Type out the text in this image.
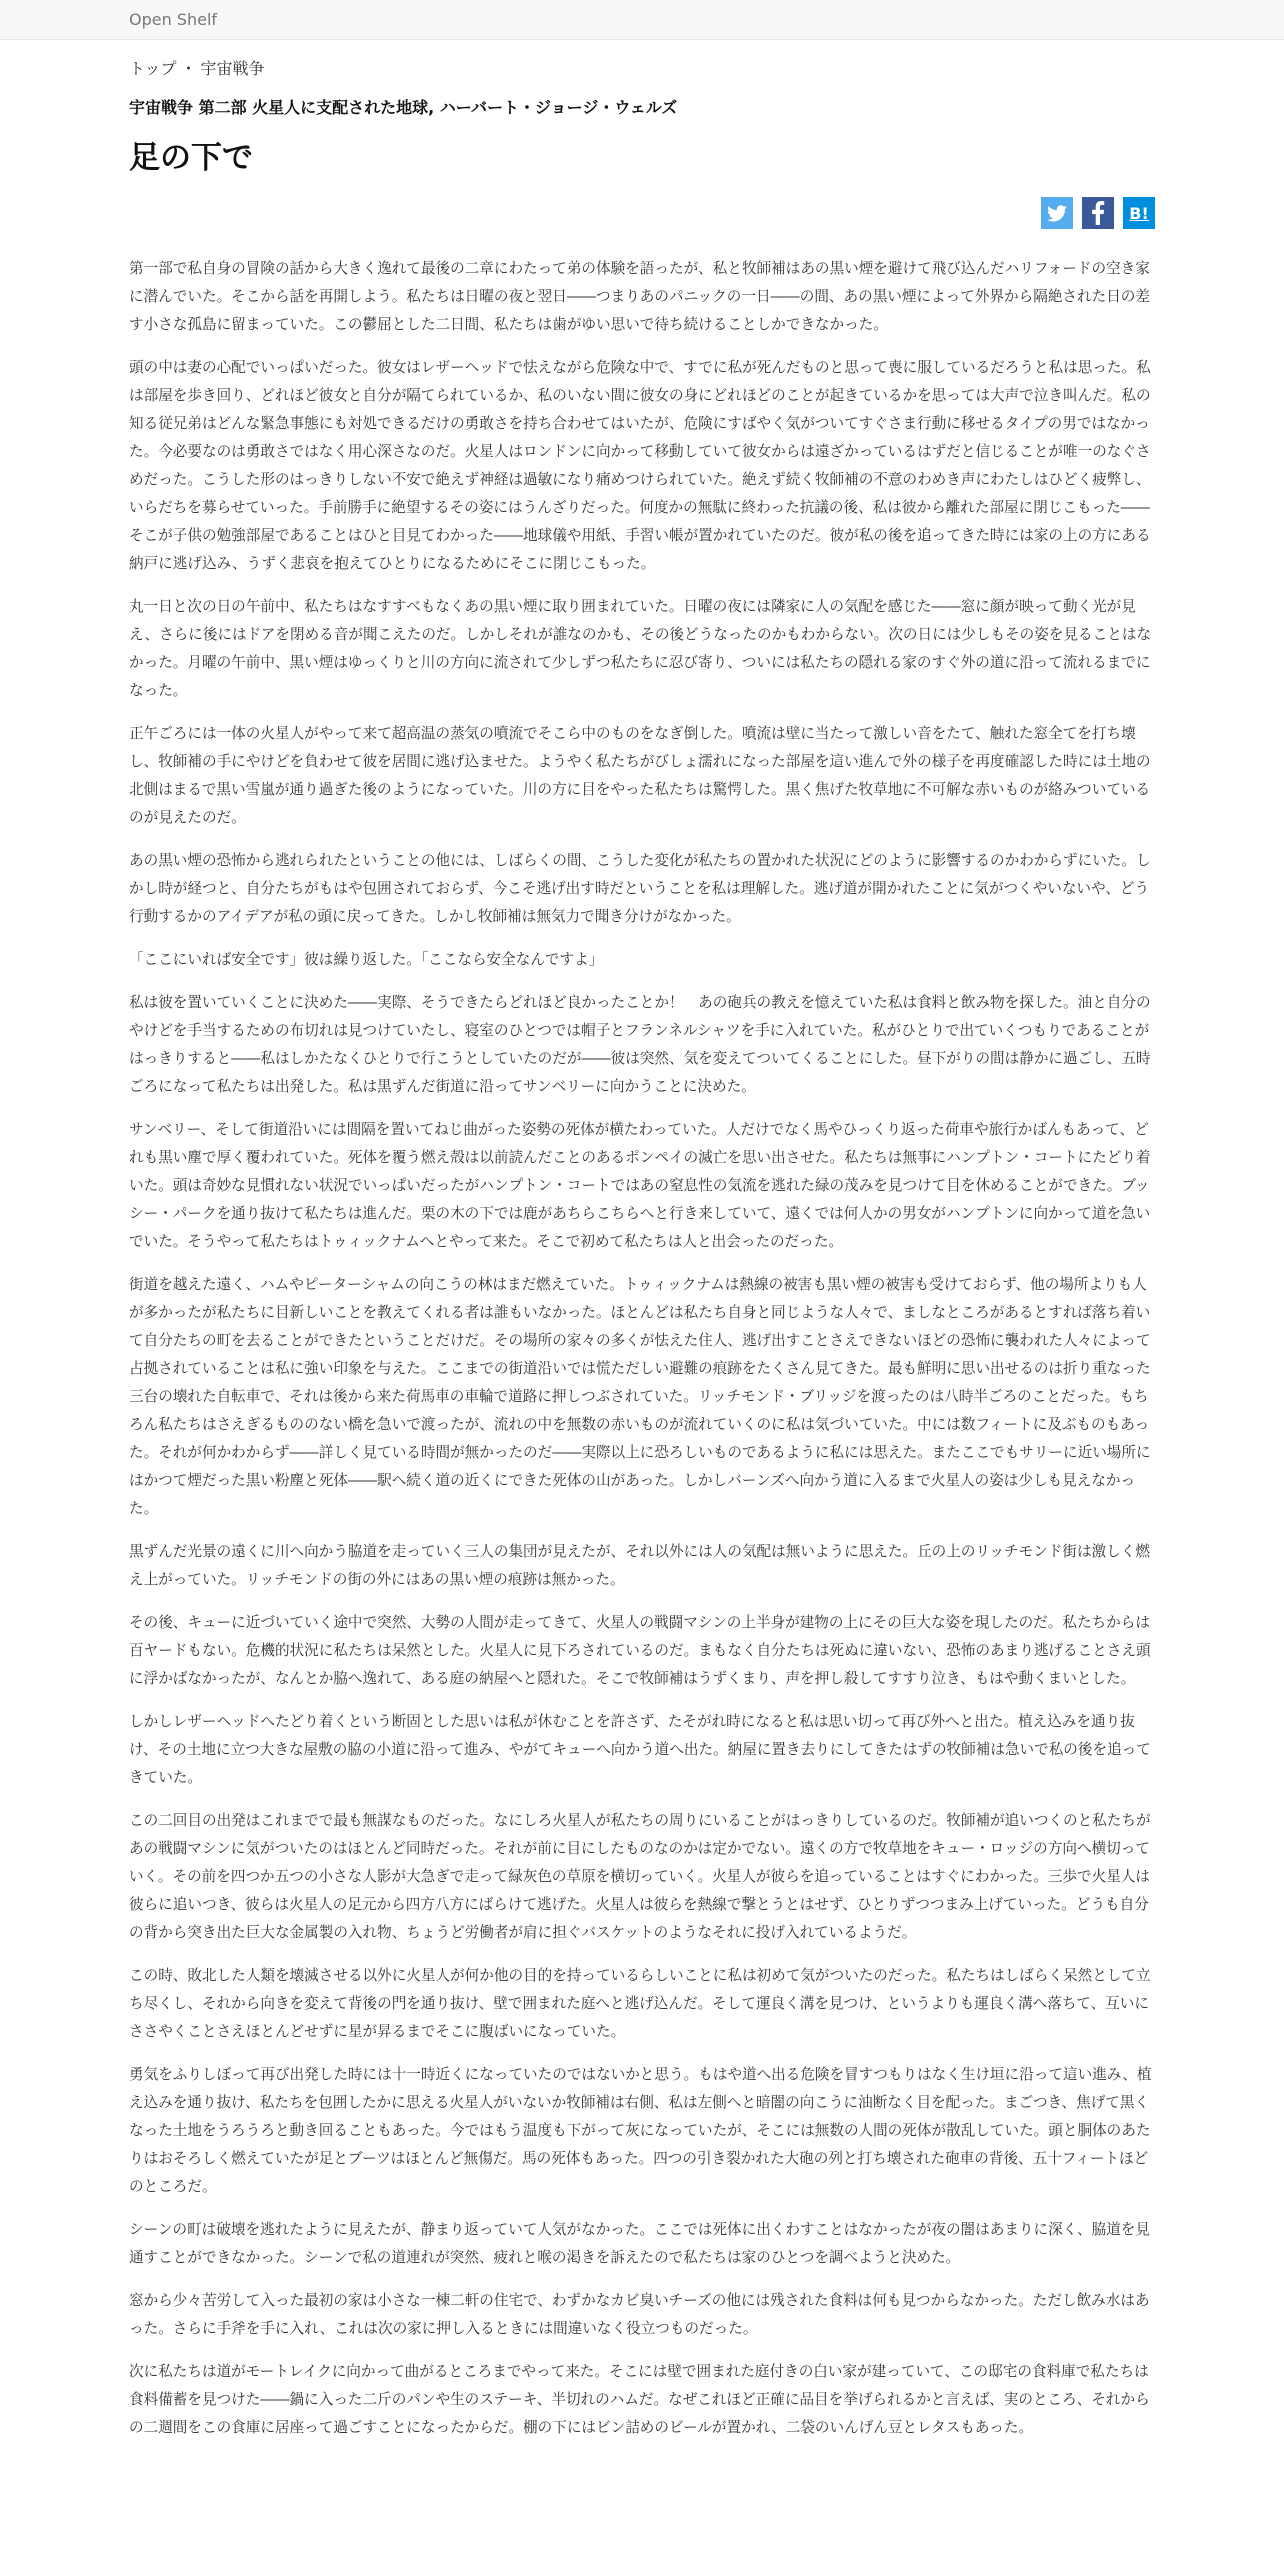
Open Shelf
トップ ・ 宇宙戦争
宇宙戦争 第二部 火星人に支配された地球, ハーバート・ジョージ・ウェルズ
足の下で
B!

第一部で私自身の冒険の話から大きく逸れて最後の二章にわたって弟の体験を語ったが、私と牧師補はあの黒い煙を避けて飛び込んだハリフォードの空き家に潜んでいた。そこから話を再開しよう。私たちは日曜の夜と翌日――つまりあのパニックの一日――の間、あの黒い煙によって外界から隔絶された日の差す小さな孤島に留まっていた。この鬱屈とした二日間、私たちは歯がゆい思いで待ち続けることしかできなかった。

頭の中は妻の心配でいっぱいだった。彼女はレザーヘッドで怯えながら危険な中で、すでに私が死んだものと思って喪に服しているだろうと私は思った。私は部屋を歩き回り、どれほど彼女と自分が隔てられているか、私のいない間に彼女の身にどれほどのことが起きているかを思っては大声で泣き叫んだ。私の知る従兄弟はどんな緊急事態にも対処できるだけの勇敢さを持ち合わせてはいたが、危険にすばやく気がついてすぐさま行動に移せるタイプの男ではなかった。今必要なのは勇敢さではなく用心深さなのだ。火星人はロンドンに向かって移動していて彼女からは遠ざかっているはずだと信じることが唯一のなぐさめだった。こうした形のはっきりしない不安で絶えず神経は過敏になり痛めつけられていた。絶えず続く牧師補の不意のわめき声にわたしはひどく疲弊し、いらだちを募らせていった。手前勝手に絶望するその姿にはうんざりだった。何度かの無駄に終わった抗議の後、私は彼から離れた部屋に閉じこもった――そこが子供の勉強部屋であることはひと目見てわかった――地球儀や用紙、手習い帳が置かれていたのだ。彼が私の後を追ってきた時には家の上の方にある納戸に逃げ込み、うずく悲哀を抱えてひとりになるためにそこに閉じこもった。

丸一日と次の日の午前中、私たちはなすすべもなくあの黒い煙に取り囲まれていた。日曜の夜には隣家に人の気配を感じた――窓に顔が映って動く光が見え、さらに後にはドアを閉める音が聞こえたのだ。しかしそれが誰なのかも、その後どうなったのかもわからない。次の日には少しもその姿を見ることはなかった。月曜の午前中、黒い煙はゆっくりと川の方向に流されて少しずつ私たちに忍び寄り、ついには私たちの隠れる家のすぐ外の道に沿って流れるまでになった。

正午ごろには一体の火星人がやって来て超高温の蒸気の噴流でそこら中のものをなぎ倒した。噴流は壁に当たって激しい音をたて、触れた窓全てを打ち壊し、牧師補の手にやけどを負わせて彼を居間に逃げ込ませた。ようやく私たちがびしょ濡れになった部屋を這い進んで外の様子を再度確認した時には土地の北側はまるで黒い雪嵐が通り過ぎた後のようになっていた。川の方に目をやった私たちは驚愕した。黒く焦げた牧草地に不可解な赤いものが絡みついているのが見えたのだ。

あの黒い煙の恐怖から逃れられたということの他には、しばらくの間、こうした変化が私たちの置かれた状況にどのように影響するのかわからずにいた。しかし時が経つと、自分たちがもはや包囲されておらず、今こそ逃げ出す時だということを私は理解した。逃げ道が開かれたことに気がつくやいないや、どう行動するかのアイデアが私の頭に戻ってきた。しかし牧師補は無気力で聞き分けがなかった。

「ここにいれば安全です」彼は繰り返した。「ここなら安全なんですよ」

私は彼を置いていくことに決めた――実際、そうできたらどれほど良かったことか！　あの砲兵の教えを憶えていた私は食料と飲み物を探した。油と自分のやけどを手当するための布切れは見つけていたし、寝室のひとつでは帽子とフランネルシャツを手に入れていた。私がひとりで出ていくつもりであることがはっきりすると――私はしかたなくひとりで行こうとしていたのだが――彼は突然、気を変えてついてくることにした。昼下がりの間は静かに過ごし、五時ごろになって私たちは出発した。私は黒ずんだ街道に沿ってサンベリーに向かうことに決めた。

サンベリー、そして街道沿いには間隔を置いてねじ曲がった姿勢の死体が横たわっていた。人だけでなく馬やひっくり返った荷車や旅行かばんもあって、どれも黒い塵で厚く覆われていた。死体を覆う燃え殻は以前読んだことのあるポンペイの滅亡を思い出させた。私たちは無事にハンプトン・コートにたどり着いた。頭は奇妙な見慣れない状況でいっぱいだったがハンプトン・コートではあの窒息性の気流を逃れた緑の茂みを見つけて目を休めることができた。ブッシー・パークを通り抜けて私たちは進んだ。栗の木の下では鹿があちらこちらへと行き来していて、遠くでは何人かの男女がハンプトンに向かって道を急いでいた。そうやって私たちはトゥィックナムへとやって来た。そこで初めて私たちは人と出会ったのだった。

街道を越えた遠く、ハムやピーターシャムの向こうの林はまだ燃えていた。トゥィックナムは熱線の被害も黒い煙の被害も受けておらず、他の場所よりも人が多かったが私たちに目新しいことを教えてくれる者は誰もいなかった。ほとんどは私たち自身と同じような人々で、ましなところがあるとすれば落ち着いて自分たちの町を去ることができたということだけだ。その場所の家々の多くが怯えた住人、逃げ出すことさえできないほどの恐怖に襲われた人々によって占拠されていることは私に強い印象を与えた。ここまでの街道沿いでは慌ただしい避難の痕跡をたくさん見てきた。最も鮮明に思い出せるのは折り重なった三台の壊れた自転車で、それは後から来た荷馬車の車輪で道路に押しつぶされていた。リッチモンド・ブリッジを渡ったのは八時半ごろのことだった。もちろん私たちはさえぎるもののない橋を急いで渡ったが、流れの中を無数の赤いものが流れていくのに私は気づいていた。中には数フィートに及ぶものもあった。それが何かわからず――詳しく見ている時間が無かったのだ――実際以上に恐ろしいものであるように私には思えた。またここでもサリーに近い場所にはかつて煙だった黒い粉塵と死体――駅へ続く道の近くにできた死体の山があった。しかしバーンズへ向かう道に入るまで火星人の姿は少しも見えなかった。

黒ずんだ光景の遠くに川へ向かう脇道を走っていく三人の集団が見えたが、それ以外には人の気配は無いように思えた。丘の上のリッチモンド街は激しく燃え上がっていた。リッチモンドの街の外にはあの黒い煙の痕跡は無かった。

その後、キューに近づいていく途中で突然、大勢の人間が走ってきて、火星人の戦闘マシンの上半身が建物の上にその巨大な姿を現したのだ。私たちからは百ヤードもない。危機的状況に私たちは呆然とした。火星人に見下ろされているのだ。まもなく自分たちは死ぬに違いない、恐怖のあまり逃げることさえ頭に浮かばなかったが、なんとか脇へ逸れて、ある庭の納屋へと隠れた。そこで牧師補はうずくまり、声を押し殺してすすり泣き、もはや動くまいとした。

しかしレザーヘッドへたどり着くという断固とした思いは私が休むことを許さず、たそがれ時になると私は思い切って再び外へと出た。植え込みを通り抜け、その土地に立つ大きな屋敷の脇の小道に沿って進み、やがてキューへ向かう道へ出た。納屋に置き去りにしてきたはずの牧師補は急いで私の後を追ってきていた。

この二回目の出発はこれまでで最も無謀なものだった。なにしろ火星人が私たちの周りにいることがはっきりしているのだ。牧師補が追いつくのと私たちがあの戦闘マシンに気がついたのはほとんど同時だった。それが前に目にしたものなのかは定かでない。遠くの方で牧草地をキュー・ロッジの方向へ横切っていく。その前を四つか五つの小さな人影が大急ぎで走って緑灰色の草原を横切っていく。火星人が彼らを追っていることはすぐにわかった。三歩で火星人は彼らに追いつき、彼らは火星人の足元から四方八方にばらけて逃げた。火星人は彼らを熱線で撃とうとはせず、ひとりずつつまみ上げていった。どうも自分の背から突き出た巨大な金属製の入れ物、ちょうど労働者が肩に担ぐバスケットのようなそれに投げ入れているようだ。

この時、敗北した人類を壊滅させる以外に火星人が何か他の目的を持っているらしいことに私は初めて気がついたのだった。私たちはしばらく呆然として立ち尽くし、それから向きを変えて背後の門を通り抜け、壁で囲まれた庭へと逃げ込んだ。そして運良く溝を見つけ、というよりも運良く溝へ落ちて、互いにささやくことさえほとんどせずに星が昇るまでそこに腹ばいになっていた。

勇気をふりしぼって再び出発した時には十一時近くになっていたのではないかと思う。もはや道へ出る危険を冒すつもりはなく生け垣に沿って這い進み、植え込みを通り抜け、私たちを包囲したかに思える火星人がいないか牧師補は右側、私は左側へと暗闇の向こうに油断なく目を配った。まごつき、焦げて黒くなった土地をうろうろと動き回ることもあった。今ではもう温度も下がって灰になっていたが、そこには無数の人間の死体が散乱していた。頭と胴体のあたりはおそろしく燃えていたが足とブーツはほとんど無傷だ。馬の死体もあった。四つの引き裂かれた大砲の列と打ち壊された砲車の背後、五十フィートほどのところだ。

シーンの町は破壊を逃れたように見えたが、静まり返っていて人気がなかった。ここでは死体に出くわすことはなかったが夜の闇はあまりに深く、脇道を見通すことができなかった。シーンで私の道連れが突然、疲れと喉の渇きを訴えたので私たちは家のひとつを調べようと決めた。

窓から少々苦労して入った最初の家は小さな一棟二軒の住宅で、わずかなカビ臭いチーズの他には残された食料は何も見つからなかった。ただし飲み水はあった。さらに手斧を手に入れ、これは次の家に押し入るときには間違いなく役立つものだった。

次に私たちは道がモートレイクに向かって曲がるところまでやって来た。そこには壁で囲まれた庭付きの白い家が建っていて、この邸宅の食料庫で私たちは食料備蓄を見つけた――鍋に入った二斤のパンや生のステーキ、半切れのハムだ。なぜこれほど正確に品目を挙げられるかと言えば、実のところ、それからの二週間をこの食庫に居座って過ごすことになったからだ。棚の下にはビン詰めのビールが置かれ、二袋のいんげん豆とレタスもあった。
